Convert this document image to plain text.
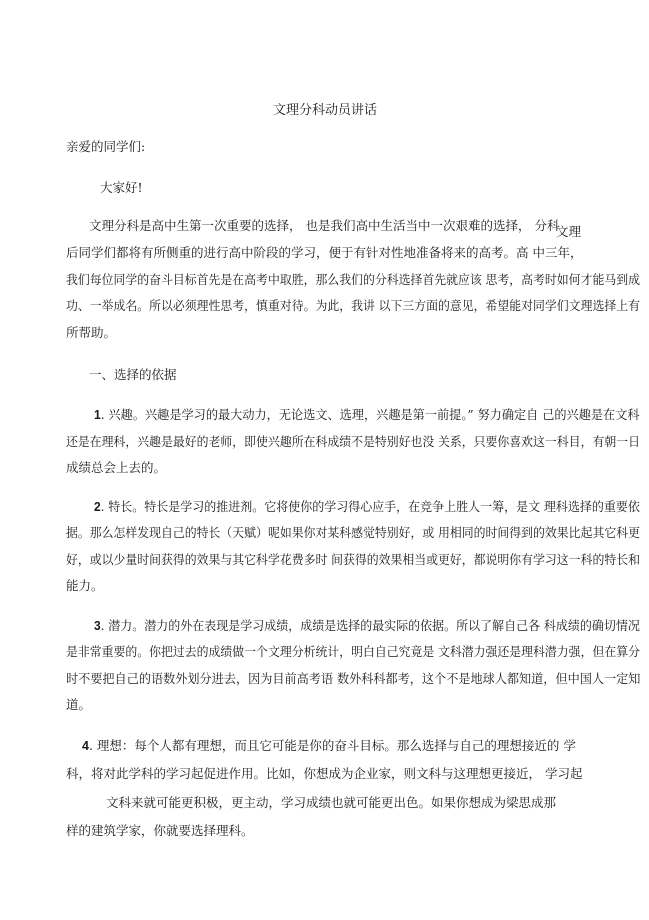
文理分科动员讲话
亲爱的同学们:
大家好!
文理分科是高中生第一次重要的选择， 也是我们高中生活当中一次艰难的选择， 分科
文理
后同学们都将有所侧重的进行高中阶段的学习，便于有针对性地准备将来的高考。高 中三年，
我们每位同学的奋斗目标首先是在高考中取胜，那么我们的分科选择首先就应该 思考，高考时如何才能马到成
功、一举成名。所以必须理性思考，慎重对待。为此，我讲 以下三方面的意见，希望能对同学们文理选择上有
所帮助。
一、选择的依据
1. 兴趣。兴趣是学习的最大动力，无论选文、选理，兴趣是第一前提。” 努力确定自 己的兴趣是在文科
还是在理科，兴趣是最好的老师，即使兴趣所在科成绩不是特别好也没 关系，只要你喜欢这一科目，有朝一日
成绩总会上去的。
2. 特长。特长是学习的推进剂。它将使你的学习得心应手，在竞争上胜人一筹，是文 理科选择的重要依
据。那么怎样发现自己的特长（天赋）呢如果你对某科感觉特别好，或 用相同的时间得到的效果比起其它科更
好，或以少量时间获得的效果与其它科学花费多时 间获得的效果相当或更好，都说明你有学习这一科的特长和
能力。
3. 潜力。潜力的外在表现是学习成绩，成绩是选择的最实际的依据。所以了解自己各 科成绩的确切情况
是非常重要的。你把过去的成绩做一个文理分析统计，明白自己究竟是 文科潜力强还是理科潜力强，但在算分
时不要把自己的语数外划分进去，因为目前高考语 数外科科都考，这个不是地球人都知道，但中国人一定知
道。
4. 理想：每个人都有理想，而且它可能是你的奋斗目标。那么选择与自己的理想接近的 学
科，将对此学科的学习起促进作用。比如，你想成为企业家，则文科与这理想更接近， 学习起
文科来就可能更积极，更主动，学习成绩也就可能更出色。如果你想成为梁思成那
样的建筑学家，你就要选择理科。
